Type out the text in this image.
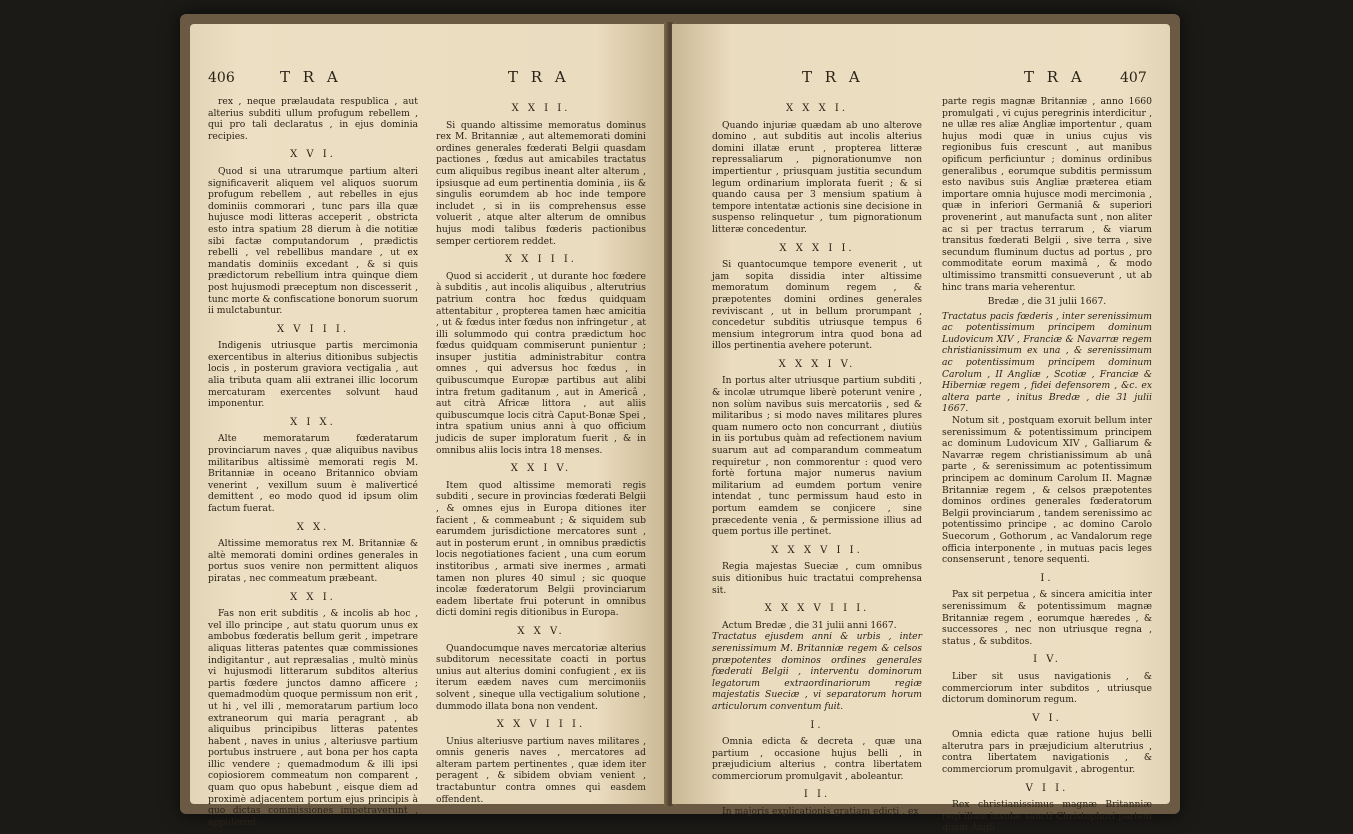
406	T R A	T R A

rex , neque prælaudata respublica , aut alterius subditi ullum profugum rebellem , qui pro tali declaratus , in ejus dominia recipies.

X V I.

Quod si una utrarumque partium alteri significaverit aliquem vel aliquos suorum profugum rebellem , aut rebelles in ejus dominiis commorari , tunc pars illa quæ hujusce modi litteras acceperit , obstricta esto intra spatium 28 dierum à die notitiæ sibi factæ computandorum , prædictis rebelli , vel rebellibus mandare , ut ex mandatis dominiis excedant , & si quis prædictorum rebellium intra quinque diem post hujusmodi præceptum non discesserit , tunc morte & confiscatione bonorum suorum ii mulctabuntur.

X V I I I.

Indigenis utriusque partis mercimonia exercentibus in alterius ditionibus subjectis locis , in posterum graviora vectigalia , aut alia tributa quam alii extranei illic locorum mercaturam exercentes solvunt haud imponentur.

X I X.

Alte memoratarum fœderatarum provinciarum naves , quæ aliquibus navibus militaribus altissimè memorati regis M. Britanniæ in oceano Britannico obviam venerint , vexillum suum è maliverticé demittent , eo modo quod id ipsum olim factum fuerat.

X X.

Altissime memoratus rex M. Britanniæ & altè memorati domini ordines generales in portus suos venire non permittent aliquos piratas , nec commeatum præbeant.

X X I.

Fas non erit subditis , & incolis ab hoc , vel illo principe , aut statu quorum unus ex ambobus fœderatis bellum gerit , impetrare aliquas litteras patentes quæ commissiones indigitantur , aut repræsalias , multò minùs vi hujusmodi litterarum subditos alterius partis fœdere junctos damno afficere ; quemadmodùm quoque permissum non erit , ut hi , vel illi , memoratarum partium loco extraneorum qui maria peragrant , ab aliquibus principibus litteras patentes habent , naves in unius , alteriusve partium portubus instruere , aut bona per hos capta illic vendere ; quemadmodum & illi ipsi copiosiorem commeatum non comparent , quam quo opus habebunt , eisque diem ad proximè adjacentem portum ejus principis à quo dictas commissiones impetraverunt , appulerint.

X X I I.

Si quando altissime memoratus dominus rex M. Britanniæ , aut altememorati domini ordines generales fœderati Belgii quasdam pactiones , fœdus aut amicabiles tractatus cum aliquibus regibus ineant alter alterum , ipsiusque ad eum pertinentia dominia , iis & singulis eorumdem ab hoc inde tempore includet , si in iis comprehensus esse voluerit , atque alter alterum de omnibus hujus modi talibus fœderis pactionibus semper certiorem reddet.

X X I I I.

Quod si acciderit , ut durante hoc fœdere à subditis , aut incolis aliquibus , alterutrius patrium contra hoc fœdus quidquam attentabitur , propterea tamen hæc amicitia , ut & fœdus inter fœdus non infringetur , at illi solummodo qui contra prædictum hoc fœdus quidquam commiserunt punientur ; insuper justitia administrabitur contra omnes , qui adversus hoc fœdus , in quibuscumque Europæ partibus aut alibi intra fretum gaditanum , aut in Americâ , aut citrà Africæ littora , aut aliis quibuscumque locis citrà Caput-Bonæ Spei , intra spatium unius anni à quo officium judicis de super imploratum fuerit , & in omnibus aliis locis intra 18 menses.

X X I V.

Item quod altissime memorati regis subditi , secure in provincias fœderati Belgii , & omnes ejus in Europa ditiones iter facient , & commeabunt ; & siquidem sub earumdem jurisdictione mercatores sunt , aut in posterum erunt , in omnibus prædictis locis negotiationes facient , una cum eorum institoribus , armati sive inermes , armati tamen non plures 40 simul ; sic quoque incolæ fœderatorum Belgii provinciarum eadem libertate frui poterunt in omnibus dicti domini regis ditionibus in Europa.

X X V.

Quandocumque naves mercatoriæ alterius subditorum necessitate coacti in portus unius aut alterius domini confugient , ex iis iterum eædem naves cum mercimoniis solvent , sineque ulla vectigalium solutione , dummodo illata bona non vendent.

X X V I I I.

Unius alteriusve partium naves militares , omnis generis naves , mercatores ad alteram partem pertinentes , quæ idem iter peragent , & sibidem obviam venient , tractabuntur contra omnes qui easdem offendent.

T R A	T R A 407

X X X I.

Quando injuriæ quædam ab uno alterove domino , aut subditis aut incolis alterius domini illatæ erunt , propterea litteræ repressaliarum , pignorationumve non impertientur , priusquam justitia secundum legum ordinarium implorata fuerit ; & si quando causa per 3 mensium spatium à tempore intentatæ actionis sine decisione in suspenso relinquetur , tum pignorationum litteræ concedentur.

X X X I I.

Si quantocumque tempore evenerit , ut jam sopita dissidia inter altissime memoratum dominum regem , & præpotentes domini ordines generales reviviscant , ut in bellum prorumpant , concedetur subditis utriusque tempus 6 mensium integrorum intra quod bona ad illos pertinentia avehere poterunt.

X X X I V.

In portus alter utriusque partium subditi , & incolæ utrumque liberè poterunt venire , non solùm navibus suis mercatoriis , sed & militaribus ; si modo naves militares plures quam numero octo non concurrant , diutiùs in iis portubus quàm ad refectionem navium suarum aut ad comparandum commeatum requiretur , non commorentur : quod vero fortè fortuna major numerus navium militarium ad eumdem portum venire intendat , tunc permissum haud esto in portum eamdem se conjicere , sine præcedente venia , & permissione illius ad quem portus ille pertinet.

X X X V I I.

Regia majestas Sueciæ , cum omnibus suis ditionibus huic tractatui comprehensa sit.

X X X V I I I.

Actum Bredæ , die 31 julii anni 1667.

Tractatus ejusdem anni & urbis , inter serenissimum M. Britanniæ regem & celsos præpotentes dominos ordines generales fœderati Belgii , interventu dominorum legatorum extraordinariorum regiæ majestatis Sueciæ , vi separatorum horum articulorum conventum fuit.

I.

Omnia edicta & decreta , quæ una partium , occasione hujus belli , in præjudicium alterius , contra libertatem commerciorum promulgavit , aboleantur.

I I.

In majoris explicationis gratiam edicti , ex

parte regis magnæ Britanniæ , anno 1660 promulgati , vi cujus peregrinis interdicitur , ne ullæ res aliæ Angliæ importentur , quam hujus modi quæ in unius cujus vis regionibus fuis crescunt , aut manibus opificum perficiuntur ; dominus ordinibus generalibus , eorumque subditis permissum esto navibus suis Angliæ præterea etiam importare omnia hujusce modi mercimonia , quæ in inferiori Germaniâ & superiori provenerint , aut manufacta sunt , non aliter ac si per tractus terrarum , & viarum transitus fœderati Belgii , sive terra , sive secundum fluminum ductus ad portus , pro commoditate eorum maximâ , & modo ultimissimo transmitti consueverunt , ut ab hinc trans maria veherentur.

Bredæ , die 31 julii 1667.

Tractatus pacis fœderis , inter serenissimum ac potentissimum principem dominum Ludovicum XIV , Franciæ & Navarræ regem christianissimum ex una , & serenissimum ac potentissimum principem dominum Carolum , II Angliæ , Scotiæ , Franciæ & Hiberniæ regem , fidei defensorem , &c. ex altera parte , initus Bredæ , die 31 julii 1667.

Notum sit , postquam exoruit bellum inter serenissimum & potentissimum principem ac dominum Ludovicum XIV , Galliarum & Navarræ regem christianissimum ab unâ parte , & serenissimum ac potentissimum principem ac dominum Carolum II. Magnæ Britanniæ regem , & celsos præpotentes dominos ordines generales fœderatorum Belgii provinciarum , tandem serenissimo ac potentissimo principe , ac domino Carolo Suecorum , Gothorum , ac Vandalorum rege officia interponente , in mutuas pacis leges consenserunt , tenore sequenti.

I.

Pax sit perpetua , & sincera amicitia inter serenissimum & potentissimum magnæ Britanniæ regem , eorumque hæredes , & successores , nec non utriusque regna , status , & subditos.

I V.

Liber sit usus navigationis , & commerciorum inter subditos , utriusque dictorum dominorum regum.

V I.

Omnia edicta quæ ratione hujus belli alterutra pars in præjudicium alterutrius , contra libertatem navigationis , & commerciorum promulgavit , abrogentur.

V I I.

Rex christianissimus magnæ Britanniæ regi illam insulæ sancti Christophori partem quam Angli
